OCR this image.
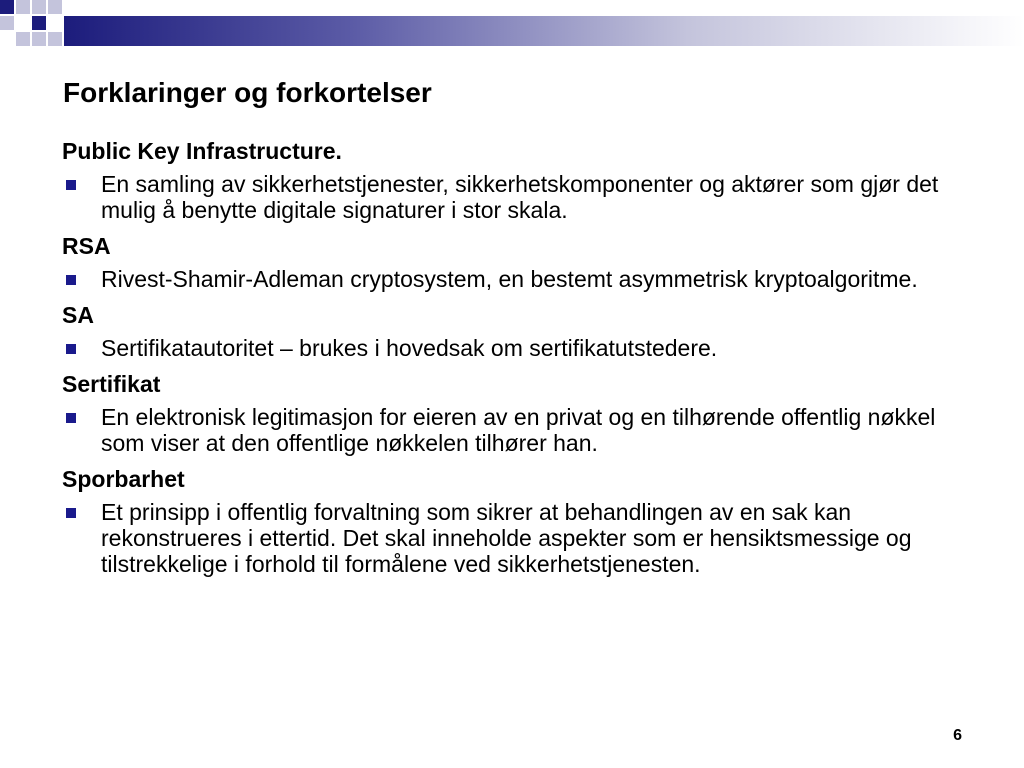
Forklaringer og forkortelser

Public Key Infrastructure.

En samling av sikkerhetstjenester, sikkerhetskomponenter og aktører som gjør det mulig å benytte digitale signaturer i stor skala.

RSA

Rivest-Shamir-Adleman cryptosystem, en bestemt asymmetrisk kryptoalgoritme.

SA

Sertifikatautoritet – brukes i hovedsak om sertifikatutstedere.

Sertifikat

En elektronisk legitimasjon for eieren av en privat og en tilhørende offentlig nøkkel som viser at den offentlige nøkkelen tilhører han.

Sporbarhet

Et prinsipp i offentlig forvaltning som sikrer at behandlingen av en sak kan rekonstrueres i ettertid. Det skal inneholde aspekter som er hensiktsmessige og tilstrekkelige i forhold til formålene ved sikkerhetstjenesten.
6
